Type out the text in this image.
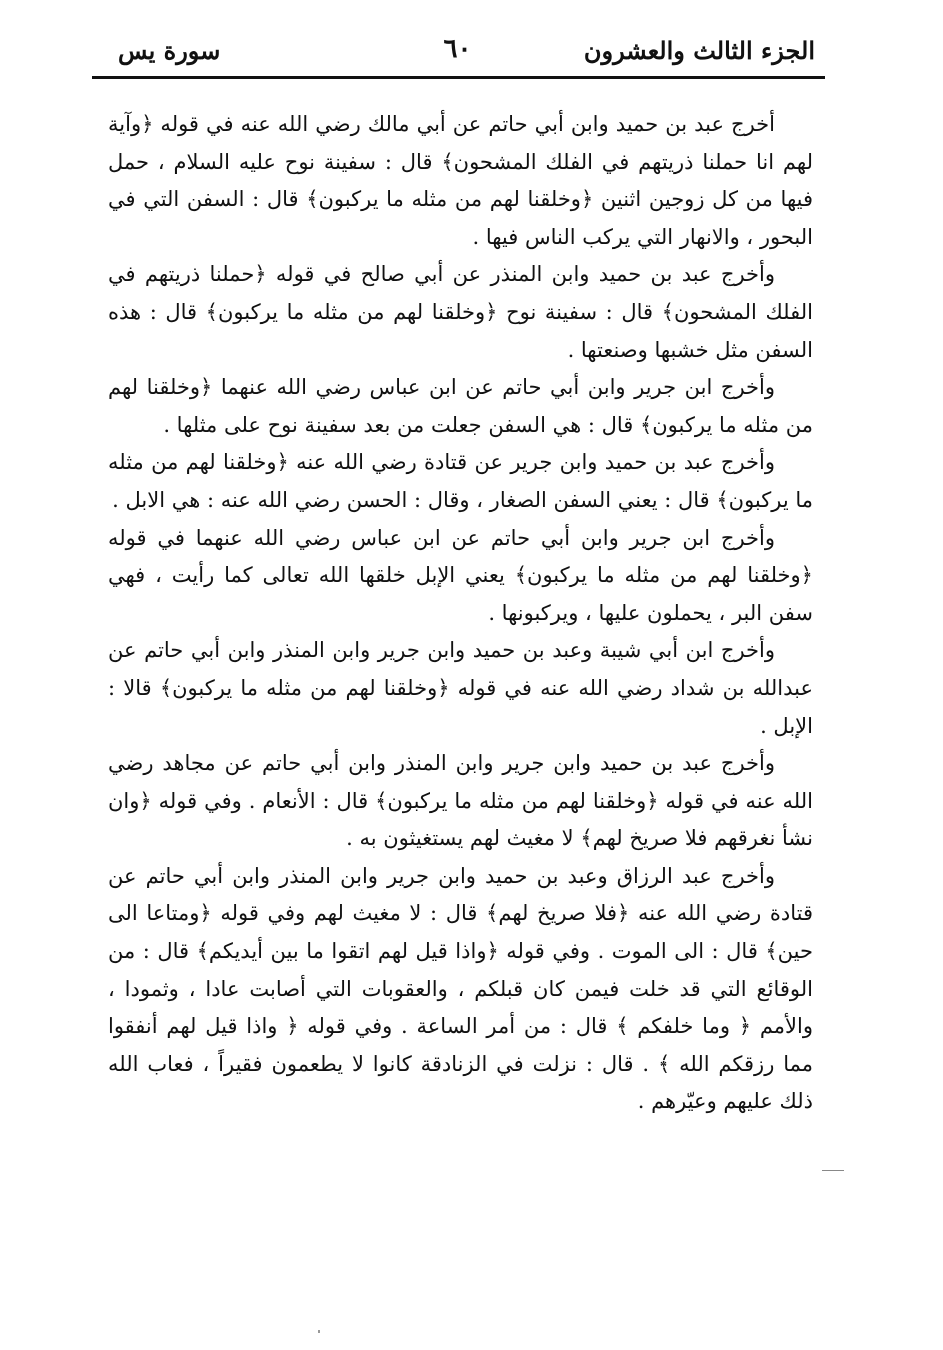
الجزء الثالث والعشرون
٦٠
سورة يس

أخرج عبد بن حميد وابن أبي حاتم عن أبي مالك رضي الله عنه في قوله ﴿وآية لهم انا حملنا ذريتهم في الفلك المشحون﴾ قال : سفينة نوح عليه السلام ، حمل فيها من كل زوجين اثنين ﴿وخلقنا لهم من مثله ما يركبون﴾ قال : السفن التي في البحور ، والانهار التي يركب الناس فيها .

وأخرج عبد بن حميد وابن المنذر عن أبي صالح في قوله ﴿حملنا ذريتهم في الفلك المشحون﴾ قال : سفينة نوح ﴿وخلقنا لهم من مثله ما يركبون﴾ قال : هذه السفن مثل خشبها وصنعتها .

وأخرج ابن جرير وابن أبي حاتم عن ابن عباس رضي الله عنهما ﴿وخلقنا لهم من مثله ما يركبون﴾ قال : هي السفن جعلت من بعد سفينة نوح على مثلها .

وأخرج عبد بن حميد وابن جرير عن قتادة رضي الله عنه ﴿وخلقنا لهم من مثله ما يركبون﴾ قال : يعني السفن الصغار ، وقال : الحسن رضي الله عنه : هي الابل .

وأخرج ابن جرير وابن أبي حاتم عن ابن عباس رضي الله عنهما في قوله ﴿وخلقنا لهم من مثله ما يركبون﴾ يعني الإبل خلقها الله تعالى كما رأيت ، فهي سفن البر ، يحملون عليها ، ويركبونها .

وأخرج ابن أبي شيبة وعبد بن حميد وابن جرير وابن المنذر وابن أبي حاتم عن عبدالله بن شداد رضي الله عنه في قوله ﴿وخلقنا لهم من مثله ما يركبون﴾ قالا : الإبل .

وأخرج عبد بن حميد وابن جرير وابن المنذر وابن أبي حاتم عن مجاهد رضي الله عنه في قوله ﴿وخلقنا لهم من مثله ما يركبون﴾ قال : الأنعام . وفي قوله ﴿وان نشأ نغرقهم فلا صريخ لهم﴾ لا مغيث لهم يستغيثون به .

وأخرج عبد الرزاق وعبد بن حميد وابن جرير وابن المنذر وابن أبي حاتم عن قتادة رضي الله عنه ﴿فلا صريخ لهم﴾ قال : لا مغيث لهم وفي قوله ﴿ومتاعا الى حين﴾ قال : الى الموت . وفي قوله ﴿واذا قيل لهم اتقوا ما بين أيديكم﴾ قال : من الوقائع التي قد خلت فيمن كان قبلكم ، والعقوبات التي أصابت عادا ، وثمودا ، والأمم ﴿ وما خلفكم ﴾ قال : من أمر الساعة . وفي قوله ﴿ واذا قيل لهم أنفقوا مما رزقكم الله ﴾ . قال : نزلت في الزنادقة كانوا لا يطعمون فقيراً ، فعاب الله ذلك عليهم وعيّرهم .
